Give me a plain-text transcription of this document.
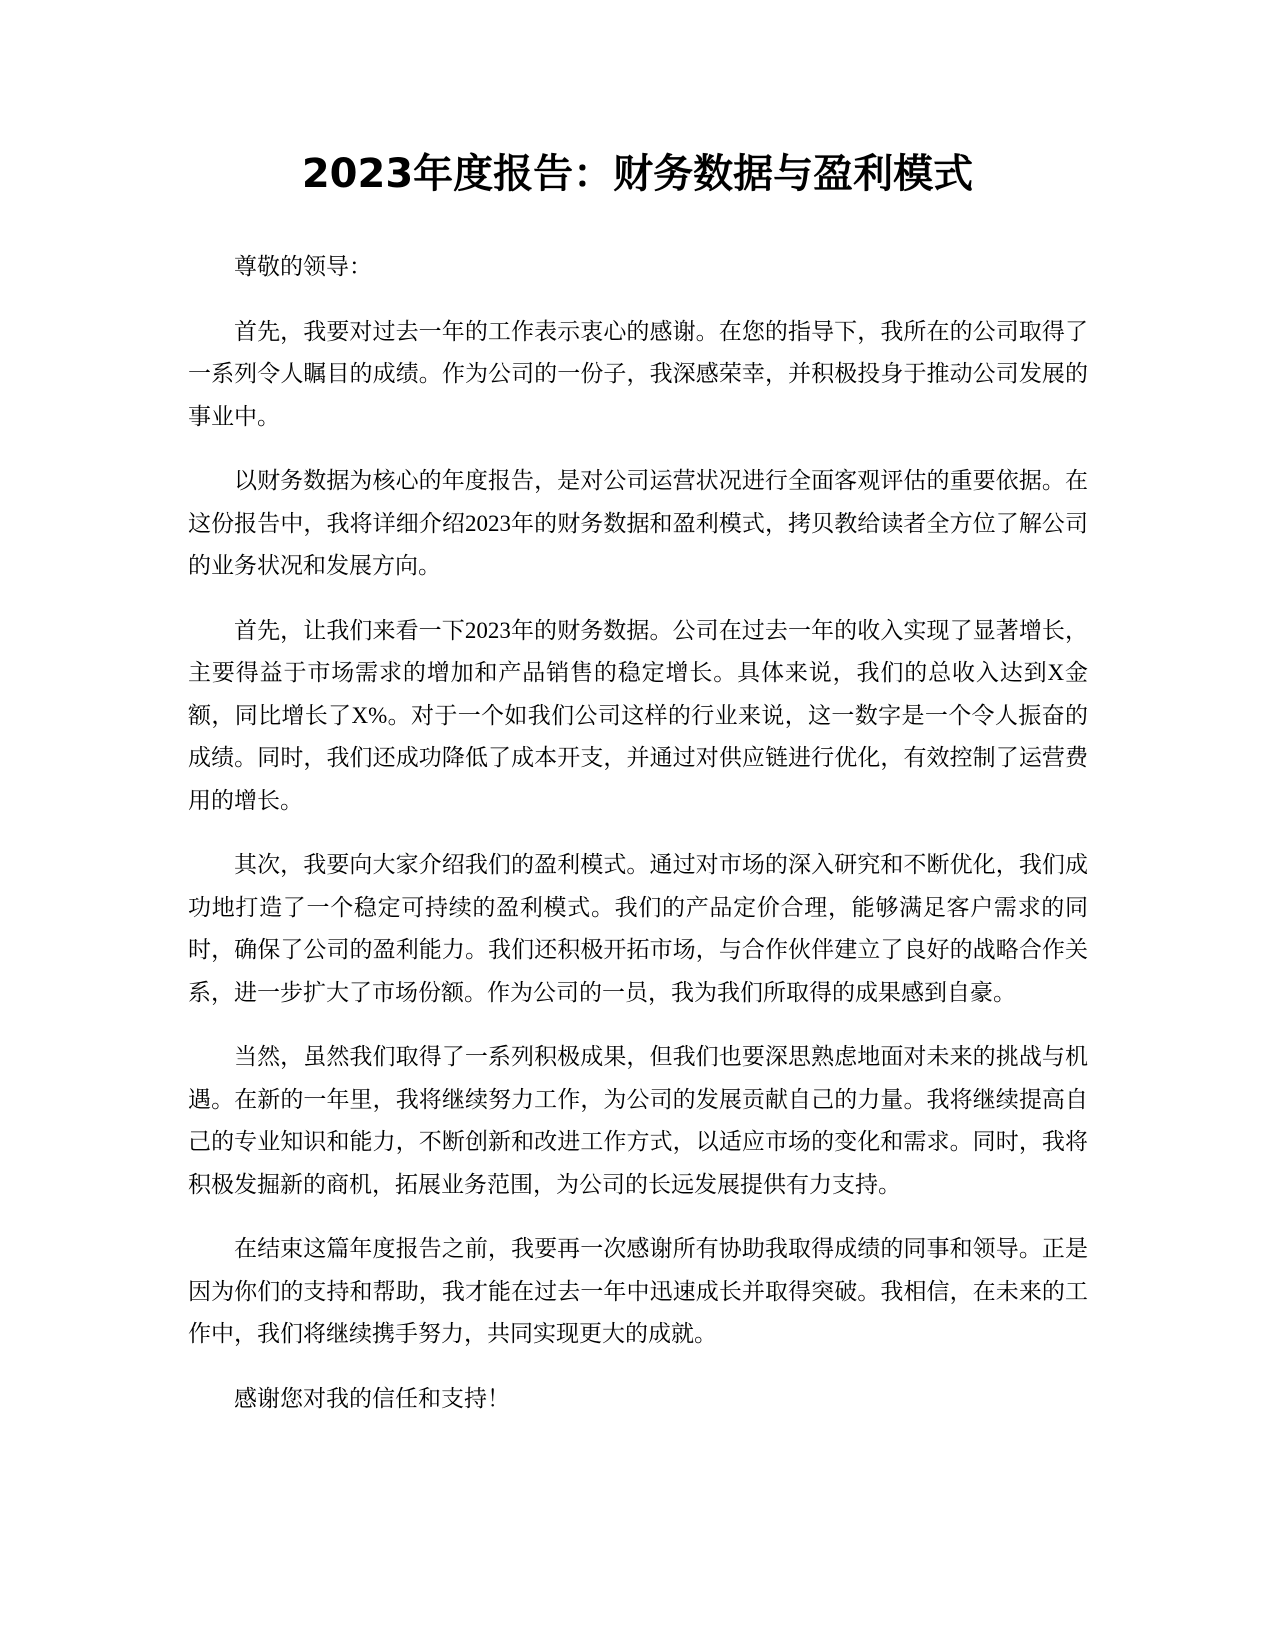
2023年度报告：财务数据与盈利模式

尊敬的领导：

首先，我要对过去一年的工作表示衷心的感谢。在您的指导下，我所在的公司取得了一系列令人瞩目的成绩。作为公司的一份子，我深感荣幸，并积极投身于推动公司发展的事业中。

以财务数据为核心的年度报告，是对公司运营状况进行全面客观评估的重要依据。在这份报告中，我将详细介绍2023年的财务数据和盈利模式，拷贝教给读者全方位了解公司的业务状况和发展方向。

首先，让我们来看一下2023年的财务数据。公司在过去一年的收入实现了显著增长，主要得益于市场需求的增加和产品销售的稳定增长。具体来说，我们的总收入达到X金额，同比增长了X%。对于一个如我们公司这样的行业来说，这一数字是一个令人振奋的成绩。同时，我们还成功降低了成本开支，并通过对供应链进行优化，有效控制了运营费用的增长。

其次，我要向大家介绍我们的盈利模式。通过对市场的深入研究和不断优化，我们成功地打造了一个稳定可持续的盈利模式。我们的产品定价合理，能够满足客户需求的同时，确保了公司的盈利能力。我们还积极开拓市场，与合作伙伴建立了良好的战略合作关系，进一步扩大了市场份额。作为公司的一员，我为我们所取得的成果感到自豪。

当然，虽然我们取得了一系列积极成果，但我们也要深思熟虑地面对未来的挑战与机遇。在新的一年里，我将继续努力工作，为公司的发展贡献自己的力量。我将继续提高自己的专业知识和能力，不断创新和改进工作方式，以适应市场的变化和需求。同时，我将积极发掘新的商机，拓展业务范围，为公司的长远发展提供有力支持。

在结束这篇年度报告之前，我要再一次感谢所有协助我取得成绩的同事和领导。正是因为你们的支持和帮助，我才能在过去一年中迅速成长并取得突破。我相信，在未来的工作中，我们将继续携手努力，共同实现更大的成就。

感谢您对我的信任和支持！
